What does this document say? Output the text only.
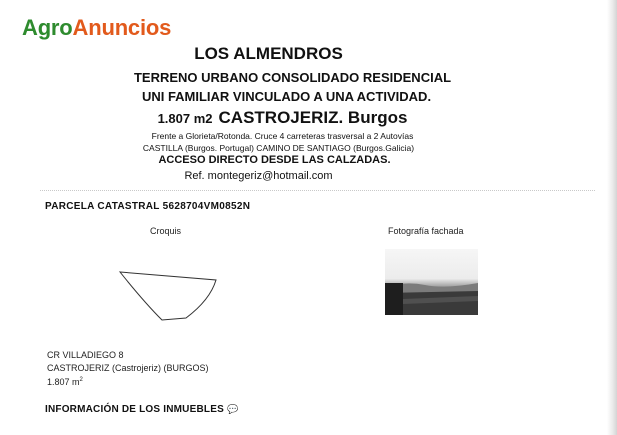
AgroAnuncios
LOS ALMENDROS
TERRENO URBANO CONSOLIDADO RESIDENCIAL
UNI FAMILIAR VINCULADO A UNA ACTIVIDAD.
1.807 m2 CASTROJERIZ. Burgos
Frente a Glorieta/Rotonda. Cruce 4 carreteras trasversal a 2 Autovías
CASTILLA (Burgos. Portugal) CAMINO DE SANTIAGO (Burgos.Galicia)
ACCESO DIRECTO DESDE LAS CALZADAS.
Ref. montegeriz@hotmail.com
PARCELA CATASTRAL 5628704VM0852N
Croquis	Fotografía fachada
CR VILLADIEGO 8
CASTROJERIZ (Castrojeriz) (BURGOS)
1.807 $m^2$
INFORMACIÓN DE LOS INMUEBLES 💬
